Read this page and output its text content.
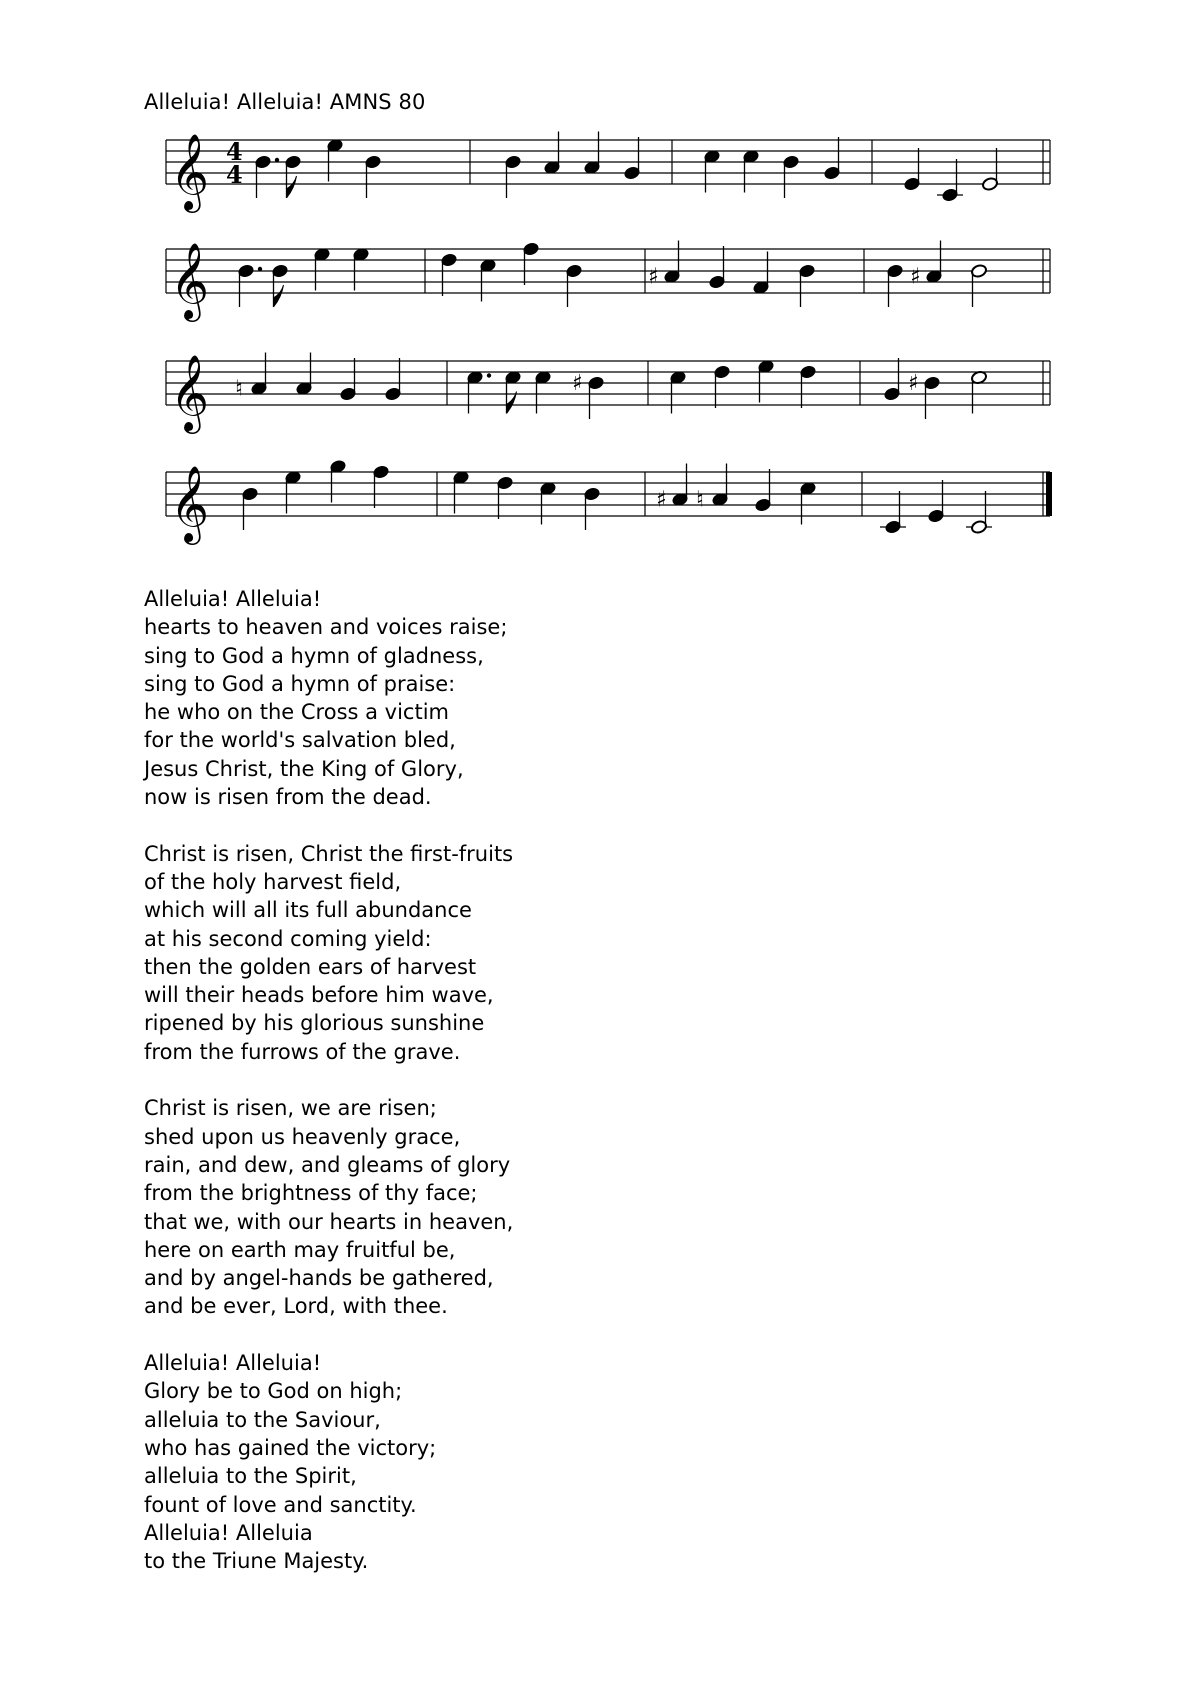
Alleluia! Alleluia! AMNS 80
𝄞 4
4
𝄞	♯	♯
𝄞 ♮	♯	♯
𝄞	♯ ♮
Alleluia! Alleluia!
hearts to heaven and voices raise;
sing to God a hymn of gladness,
sing to God a hymn of praise:
he who on the Cross a victim
for the world's salvation bled,
Jesus Christ, the King of Glory,
now is risen from the dead.
Christ is risen, Christ the first-fruits
of the holy harvest field,
which will all its full abundance
at his second coming yield:
then the golden ears of harvest
will their heads before him wave,
ripened by his glorious sunshine
from the furrows of the grave.
Christ is risen, we are risen;
shed upon us heavenly grace,
rain, and dew, and gleams of glory
from the brightness of thy face;
that we, with our hearts in heaven,
here on earth may fruitful be,
and by angel-hands be gathered,
and be ever, Lord, with thee.
Alleluia! Alleluia!
Glory be to God on high;
alleluia to the Saviour,
who has gained the victory;
alleluia to the Spirit,
fount of love and sanctity.
Alleluia! Alleluia
to the Triune Majesty.
